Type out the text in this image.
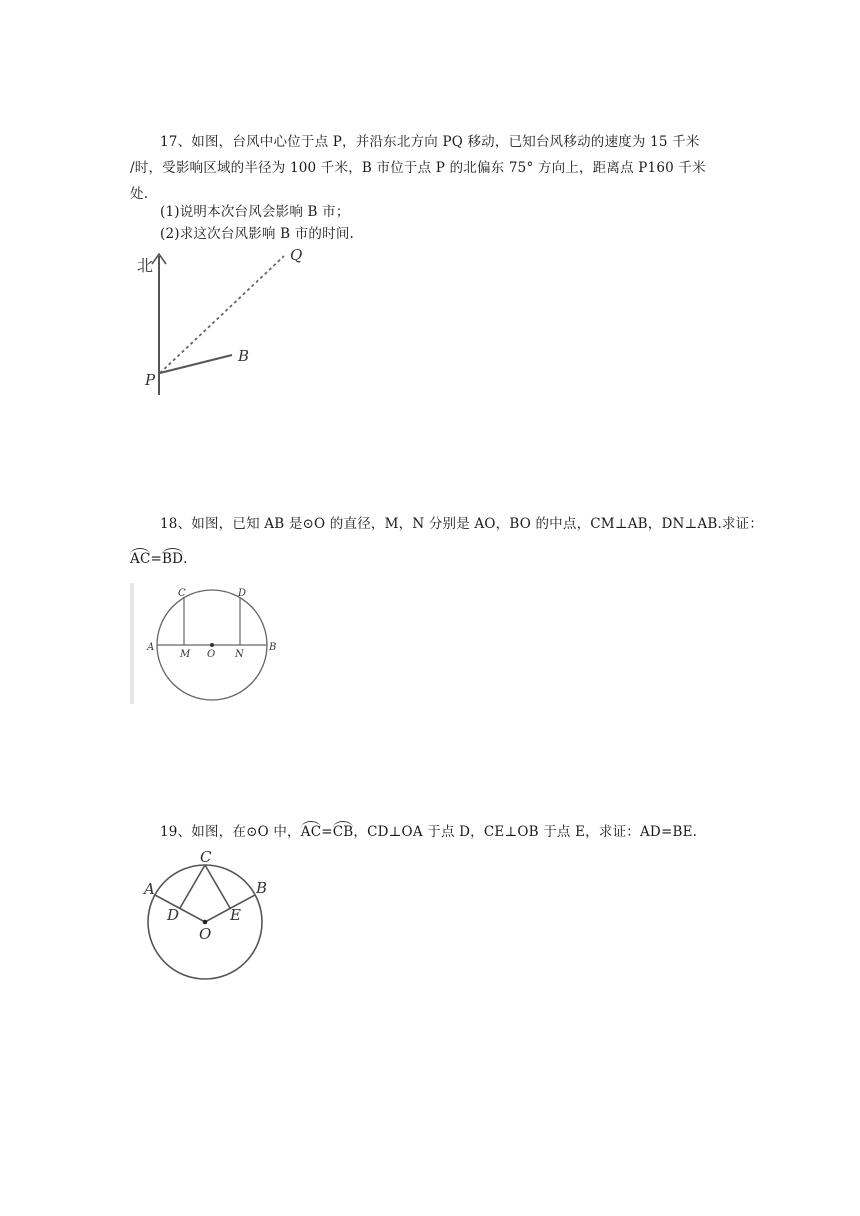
17、如图，台风中心位于点 P，并沿东北方向 PQ 移动，已知台风移动的速度为 15 千米
/时，受影响区域的半径为 100 千米，B 市位于点 P 的北偏东 75° 方向上，距离点 P160 千米
处.
(1)说明本次台风会影响 B 市；
(2)求这次台风影响 B 市的时间.
北
Q
B
P
18、如图，已知 AB 是⊙O 的直径，M，N 分别是 AO，BO 的中点，CM⊥AB，DN⊥AB.求证：
AC=BD.
A	B
C	D
M O N
19、如图，在⊙O 中，AC=CB，CD⊥OA 于点 D，CE⊥OB 于点 E，求证：AD=BE.
A	B
C
D	E
O
